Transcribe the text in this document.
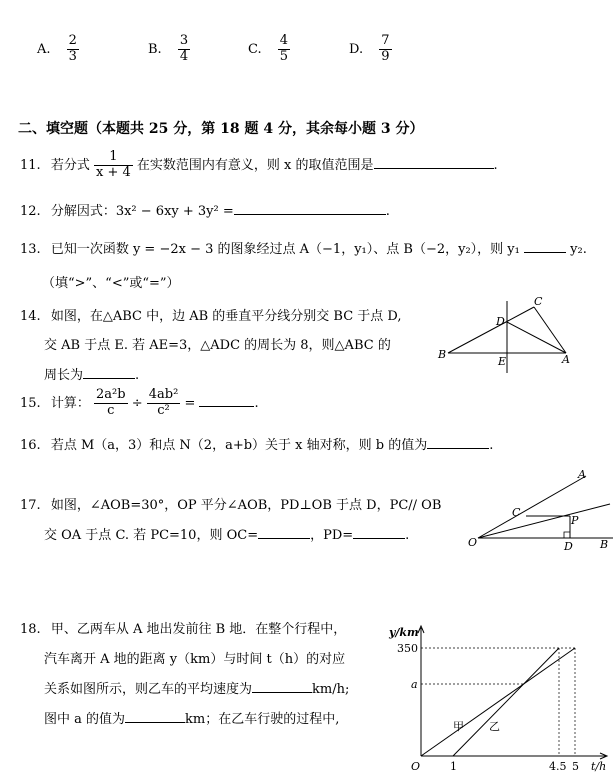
A. $\frac{2}{3}$	B. $\frac{3}{4}$	C. $\frac{4}{5}$	D. $\frac{7}{9}$
二、填空题（本题共 25 分，第 18 题 4 分，其余每小题 3 分）
11. 若分式 $\frac{1}{x + 4}$ 在实数范围内有意义，则 x 的取值范围是	.
12. 分解因式：3x² − 6xy + 3y² =	.
13. 已知一次函数 y = −2x − 3 的图象经过点 A（−1，y₁）、点 B（−2，y₂），则 y₁	y₂.
（填“>”、“<”或“=”）
14. 如图，在△ABC 中，边 AB 的垂直平分线分别交 BC 于点 D,
交 AB 于点 E. 若 AE=3，△ADC 的周长为 8，则△ABC 的
周长为	.
C
D
B
E	A
15. 计算： $\frac{\text{2a²b}}{c} \div \frac{\text{4ab²}}{\text{c²}}$ =	.
16. 若点 M（a，3）和点 N（2，a+b）关于 x 轴对称，则 b 的值为	.
17. 如图，∠AOB=30°，OP 平分∠AOB，PD⊥OB 于点 D，PC// OB
交 OA 于点 C. 若 PC=10，则 OC=	，PD=	.
A
C
P
O	D B
18. 甲、乙两车从 A 地出发前往 B 地．在整个行程中，
汽车离开 A 地的距离 y（km）与时间 t（h）的对应
关系如图所示，则乙车的平均速度为	km/h;
图中 a 的值为	km；在乙车行驶的过程中,
y/km
350
a
O	1	4.5 5 t/h
甲 乙
